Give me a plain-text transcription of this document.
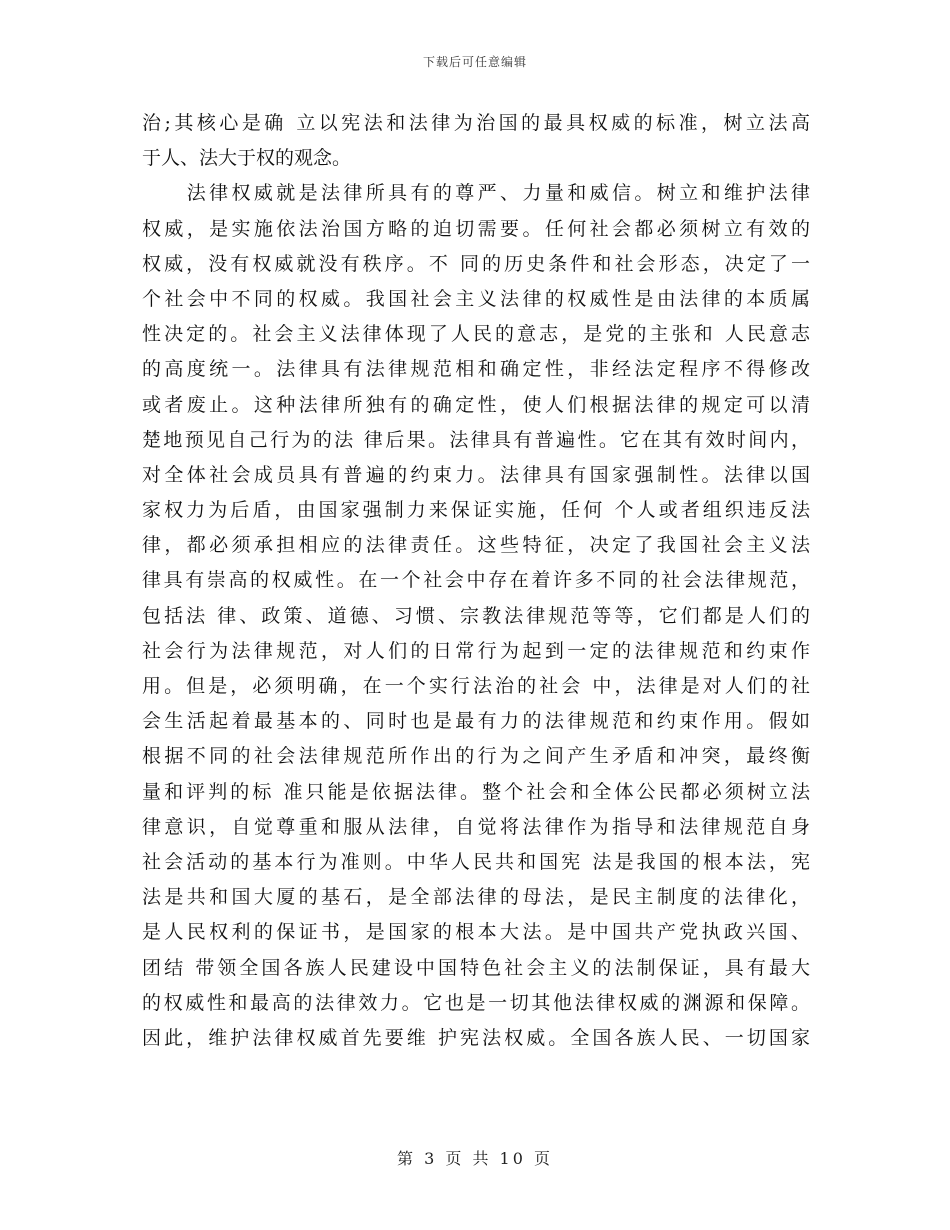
下载后可任意编辑
治;其核心是确 立以宪法和法律为治国的最具权威的标准，树立法高
于人、法大于权的观念。
　　法律权威就是法律所具有的尊严、力量和威信。树立和维护法律
权威，是实施依法治国方略的迫切需要。任何社会都必须树立有效的
权威，没有权威就没有秩序。不 同的历史条件和社会形态，决定了一
个社会中不同的权威。我国社会主义法律的权威性是由法律的本质属
性决定的。社会主义法律体现了人民的意志，是党的主张和 人民意志
的高度统一。法律具有法律规范相和确定性，非经法定程序不得修改
或者废止。这种法律所独有的确定性，使人们根据法律的规定可以清
楚地预见自己行为的法 律后果。法律具有普遍性。它在其有效时间内，
对全体社会成员具有普遍的约束力。法律具有国家强制性。法律以国
家权力为后盾，由国家强制力来保证实施，任何 个人或者组织违反法
律，都必须承担相应的法律责任。这些特征，决定了我国社会主义法
律具有崇高的权威性。在一个社会中存在着许多不同的社会法律规范，
包括法 律、政策、道德、习惯、宗教法律规范等等，它们都是人们的
社会行为法律规范，对人们的日常行为起到一定的法律规范和约束作
用。但是，必须明确，在一个实行法治的社会 中，法律是对人们的社
会生活起着最基本的、同时也是最有力的法律规范和约束作用。假如
根据不同的社会法律规范所作出的行为之间产生矛盾和冲突，最终衡
量和评判的标 准只能是依据法律。整个社会和全体公民都必须树立法
律意识，自觉尊重和服从法律，自觉将法律作为指导和法律规范自身
社会活动的基本行为准则。中华人民共和国宪 法是我国的根本法，宪
法是共和国大厦的基石，是全部法律的母法，是民主制度的法律化，
是人民权利的保证书，是国家的根本大法。是中国共产党执政兴国、
团结 带领全国各族人民建设中国特色社会主义的法制保证，具有最大
的权威性和最高的法律效力。它也是一切其他法律权威的渊源和保障。
因此，维护法律权威首先要维 护宪法权威。全国各族人民、一切国家
第 3 页 共 10 页
